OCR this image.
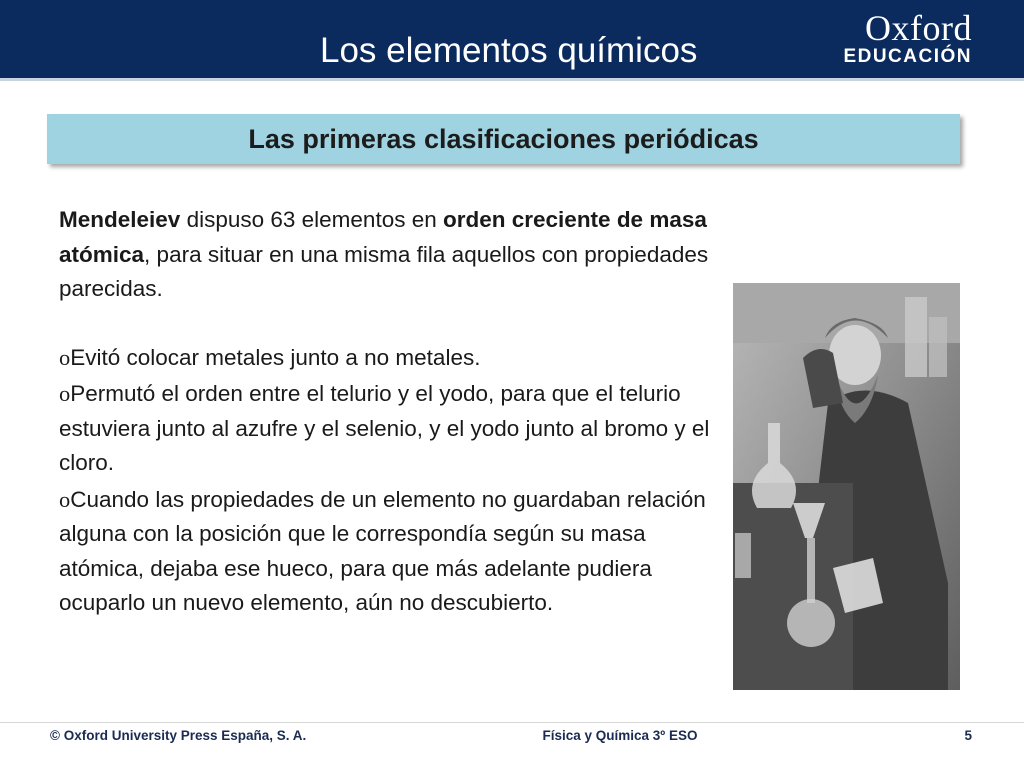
Los elementos químicos
Oxford
EDUCACIÓN
Las primeras clasificaciones periódicas

Mendeleiev dispuso 63 elementos en orden creciente de masa atómica, para situar en una misma fila aquellos con propiedades parecidas.

oEvitó colocar metales junto a no metales.

oPermutó el orden entre el telurio y el yodo, para que el telurio estuviera junto al azufre y el selenio, y el yodo junto al bromo y el cloro.

oCuando las propiedades de un elemento no guardaban relación alguna con la posición que le correspondía según su masa atómica, dejaba ese hueco, para que más adelante pudiera ocuparlo un nuevo elemento, aún no descubierto.

© Oxford University Press España, S. A.	Física y Química 3º ESO	5
